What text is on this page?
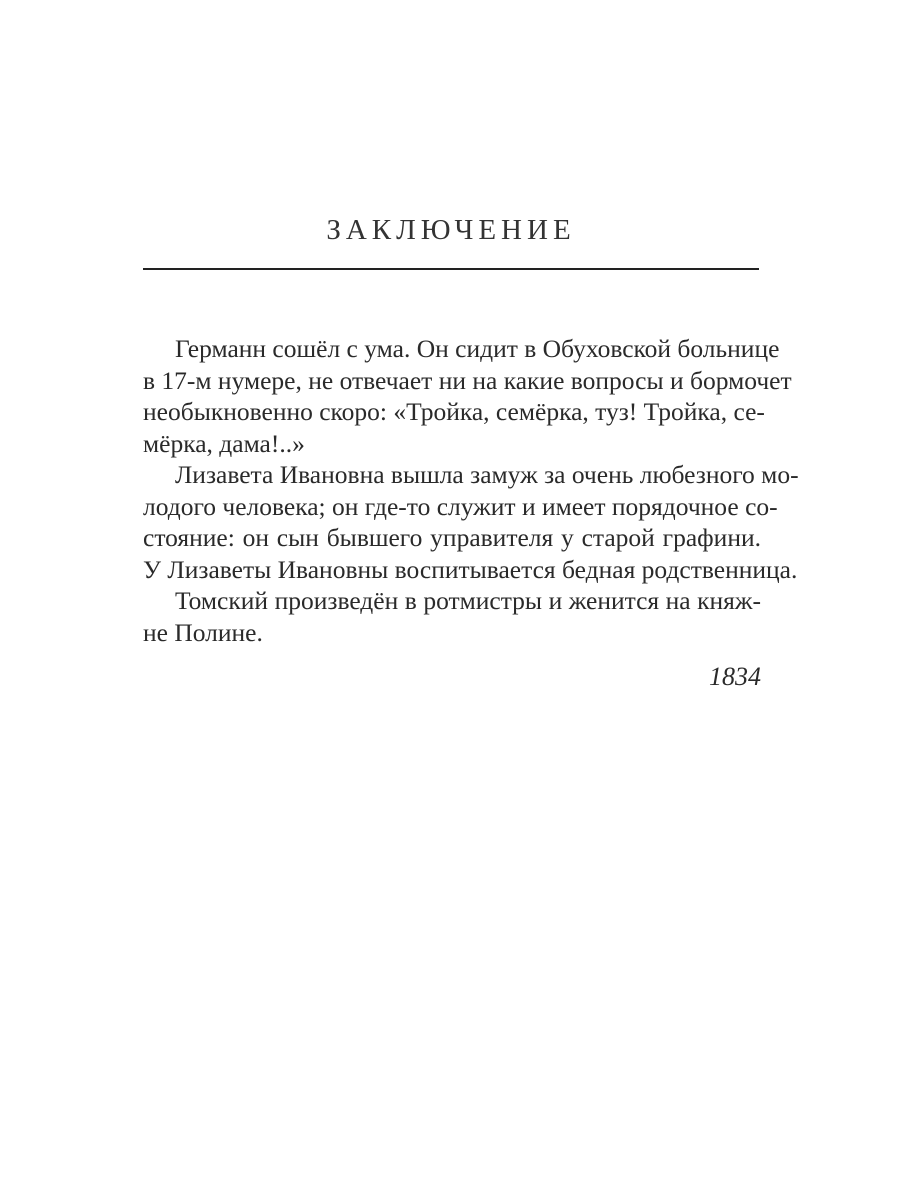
ЗАКЛЮЧЕНИЕ
Германн сошёл с ума. Он сидит в Обуховской больнице
в 17-м нумере, не отвечает ни на какие вопросы и бормочет
необыкновенно скоро: «Тройка, семёрка, туз! Тройка, се-
мёрка, дама!..»
Лизавета Ивановна вышла замуж за очень любезного мо-
лодого человека; он где-то служит и имеет порядочное со-
стояние: он сын бывшего управителя у старой графини.
У Лизаветы Ивановны воспитывается бедная родственница.
Томский произведён в ротмистры и женится на княж-
не Полине.
1834
